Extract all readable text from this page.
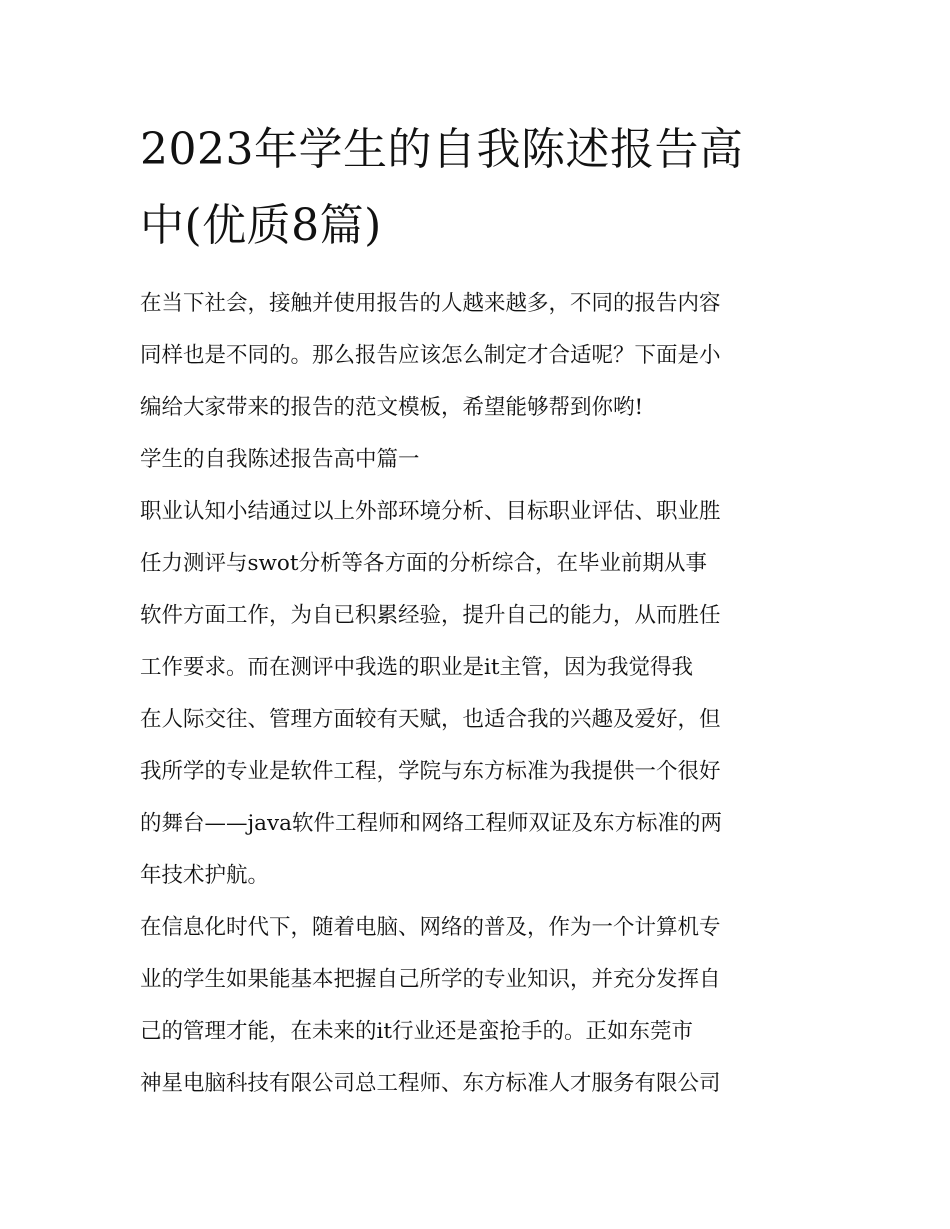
2023年学生的自我陈述报告高
中(优质8篇)
在当下社会，接触并使用报告的人越来越多，不同的报告内容
同样也是不同的。那么报告应该怎么制定才合适呢？下面是小
编给大家带来的报告的范文模板，希望能够帮到你哟!
学生的自我陈述报告高中篇一
职业认知小结通过以上外部环境分析、目标职业评估、职业胜
任力测评与swot分析等各方面的分析综合，在毕业前期从事
软件方面工作，为自已积累经验，提升自己的能力，从而胜任
工作要求。而在测评中我选的职业是it主管，因为我觉得我
在人际交往、管理方面较有天赋，也适合我的兴趣及爱好，但
我所学的专业是软件工程，学院与东方标准为我提供一个很好
的舞台——java软件工程师和网络工程师双证及东方标准的两
年技术护航。
在信息化时代下，随着电脑、网络的普及，作为一个计算机专
业的学生如果能基本把握自己所学的专业知识，并充分发挥自
己的管理才能，在未来的it行业还是蛮抢手的。正如东莞市
神星电脑科技有限公司总工程师、东方标准人才服务有限公司
